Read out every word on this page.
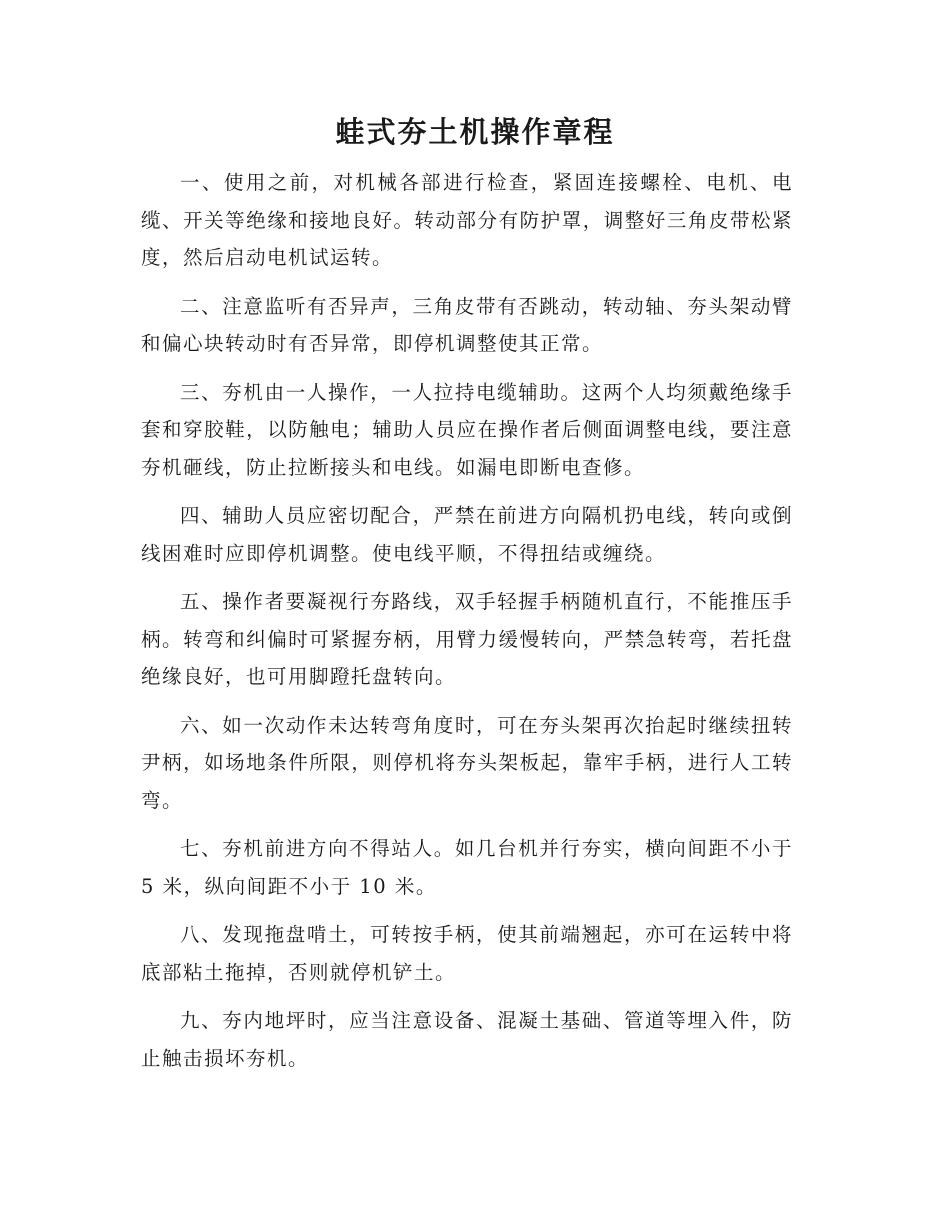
蛙式夯土机操作章程

一、使用之前，对机械各部进行检查，紧固连接螺栓、电机、电缆、开关等绝缘和接地良好。转动部分有防护罩，调整好三角皮带松紧度，然后启动电机试运转。

二、注意监听有否异声，三角皮带有否跳动，转动轴、夯头架动臂和偏心块转动时有否异常，即停机调整使其正常。

三、夯机由一人操作，一人拉持电缆辅助。这两个人均须戴绝缘手套和穿胶鞋，以防触电；辅助人员应在操作者后侧面调整电线，要注意夯机砸线，防止拉断接头和电线。如漏电即断电查修。

四、辅助人员应密切配合，严禁在前进方向隔机扔电线，转向或倒线困难时应即停机调整。使电线平顺，不得扭结或缠绕。

五、操作者要凝视行夯路线，双手轻握手柄随机直行，不能推压手柄。转弯和纠偏时可紧握夯柄，用臂力缓慢转向，严禁急转弯，若托盘绝缘良好，也可用脚蹬托盘转向。

六、如一次动作未达转弯角度时，可在夯头架再次抬起时继续扭转尹柄，如场地条件所限，则停机将夯头架板起，靠牢手柄，进行人工转弯。

七、夯机前进方向不得站人。如几台机并行夯实，横向间距不小于 5 米，纵向间距不小于 10 米。

八、发现拖盘啃土，可转按手柄，使其前端翘起，亦可在运转中将底部粘土拖掉，否则就停机铲土。

九、夯内地坪时，应当注意设备、混凝土基础、管道等埋入件，防止触击损坏夯机。
